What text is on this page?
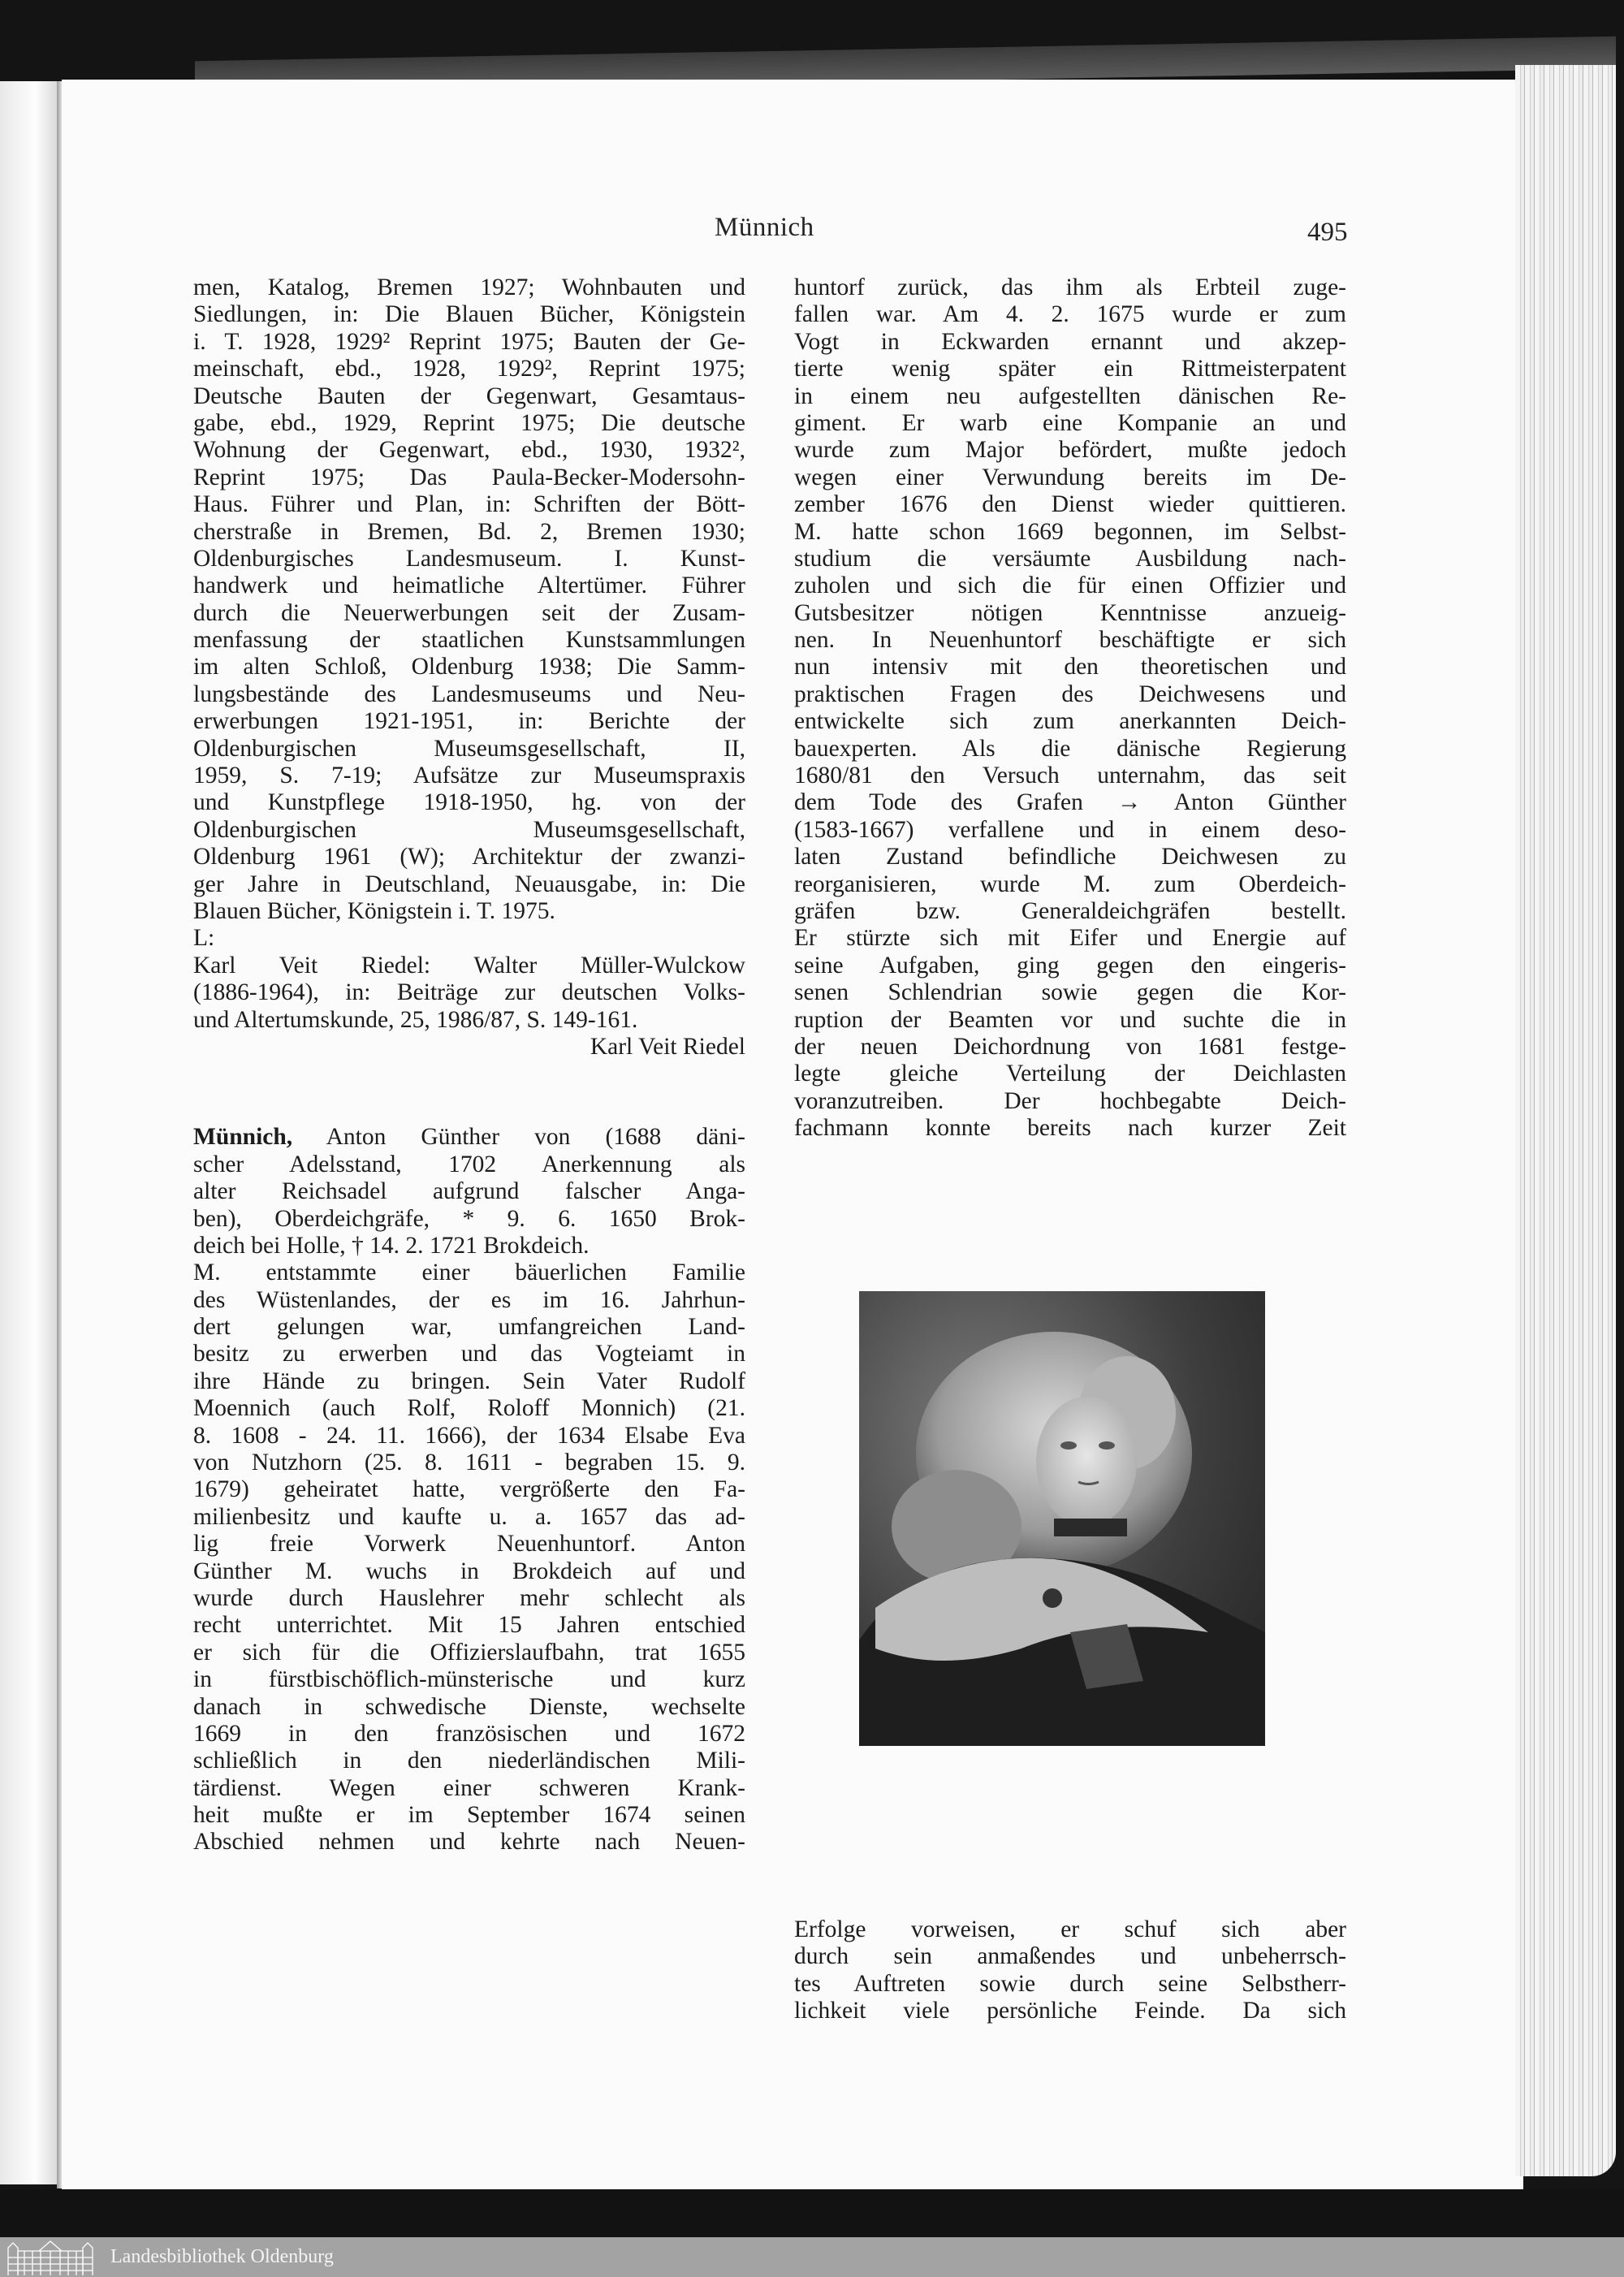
Münnich	495
men, Katalog, Bremen 1927; Wohnbauten und
Siedlungen, in: Die Blauen Bücher, Königstein
i. T. 1928, 1929² Reprint 1975; Bauten der Ge-
meinschaft, ebd., 1928, 1929², Reprint 1975;
Deutsche Bauten der Gegenwart, Gesamtaus-
gabe, ebd., 1929, Reprint 1975; Die deutsche
Wohnung der Gegenwart, ebd., 1930, 1932²,
Reprint 1975; Das Paula-Becker-Modersohn-
Haus. Führer und Plan, in: Schriften der Bött-
cherstraße in Bremen, Bd. 2, Bremen 1930;
Oldenburgisches Landesmuseum. I. Kunst-
handwerk und heimatliche Altertümer. Führer
durch die Neuerwerbungen seit der Zusam-
menfassung der staatlichen Kunstsammlungen
im alten Schloß, Oldenburg 1938; Die Samm-
lungsbestände des Landesmuseums und Neu-
erwerbungen 1921-1951, in: Berichte der
Oldenburgischen Museumsgesellschaft, II,
1959, S. 7-19; Aufsätze zur Museumspraxis
und Kunstpflege 1918-1950, hg. von der
Oldenburgischen Museumsgesellschaft,
Oldenburg 1961 (W); Architektur der zwanzi-
ger Jahre in Deutschland, Neuausgabe, in: Die
Blauen Bücher, Königstein i. T. 1975.
L:
Karl Veit Riedel: Walter Müller-Wulckow
(1886-1964), in: Beiträge zur deutschen Volks-
und Altertumskunde, 25, 1986/87, S. 149-161.
Karl Veit Riedel
Münnich, Anton Günther von (1688 däni-
scher Adelsstand, 1702 Anerkennung als
alter Reichsadel aufgrund falscher Anga-
ben), Oberdeichgräfe, * 9. 6. 1650 Brok-
deich bei Holle, † 14. 2. 1721 Brokdeich.
M. entstammte einer bäuerlichen Familie
des Wüstenlandes, der es im 16. Jahrhun-
dert gelungen war, umfangreichen Land-
besitz zu erwerben und das Vogteiamt in
ihre Hände zu bringen. Sein Vater Rudolf
Moennich (auch Rolf, Roloff Monnich) (21.
8. 1608 - 24. 11. 1666), der 1634 Elsabe Eva
von Nutzhorn (25. 8. 1611 - begraben 15. 9.
1679) geheiratet hatte, vergrößerte den Fa-
milienbesitz und kaufte u. a. 1657 das ad-
lig freie Vorwerk Neuenhuntorf. Anton
Günther M. wuchs in Brokdeich auf und
wurde durch Hauslehrer mehr schlecht als
recht unterrichtet. Mit 15 Jahren entschied
er sich für die Offizierslaufbahn, trat 1655
in fürstbischöflich-münsterische und kurz
danach in schwedische Dienste, wechselte
1669 in den französischen und 1672
schließlich in den niederländischen Mili-
tärdienst. Wegen einer schweren Krank-
heit mußte er im September 1674 seinen
Abschied nehmen und kehrte nach Neuen-
huntorf zurück, das ihm als Erbteil zuge-
fallen war. Am 4. 2. 1675 wurde er zum
Vogt in Eckwarden ernannt und akzep-
tierte wenig später ein Rittmeisterpatent
in einem neu aufgestellten dänischen Re-
giment. Er warb eine Kompanie an und
wurde zum Major befördert, mußte jedoch
wegen einer Verwundung bereits im De-
zember 1676 den Dienst wieder quittieren.
M. hatte schon 1669 begonnen, im Selbst-
studium die versäumte Ausbildung nach-
zuholen und sich die für einen Offizier und
Gutsbesitzer nötigen Kenntnisse anzueig-
nen. In Neuenhuntorf beschäftigte er sich
nun intensiv mit den theoretischen und
praktischen Fragen des Deichwesens und
entwickelte sich zum anerkannten Deich-
bauexperten. Als die dänische Regierung
1680/81 den Versuch unternahm, das seit
dem Tode des Grafen → Anton Günther
(1583-1667) verfallene und in einem deso-
laten Zustand befindliche Deichwesen zu
reorganisieren, wurde M. zum Oberdeich-
gräfen bzw. Generaldeichgräfen bestellt.
Er stürzte sich mit Eifer und Energie auf
seine Aufgaben, ging gegen den eingeris-
senen Schlendrian sowie gegen die Kor-
ruption der Beamten vor und suchte die in
der neuen Deichordnung von 1681 festge-
legte gleiche Verteilung der Deichlasten
voranzutreiben. Der hochbegabte Deich-
fachmann konnte bereits nach kurzer Zeit
Erfolge vorweisen, er schuf sich aber
durch sein anmaßendes und unbeherrsch-
tes Auftreten sowie durch seine Selbstherr-
lichkeit viele persönliche Feinde. Da sich
Landesbibliothek Oldenburg
